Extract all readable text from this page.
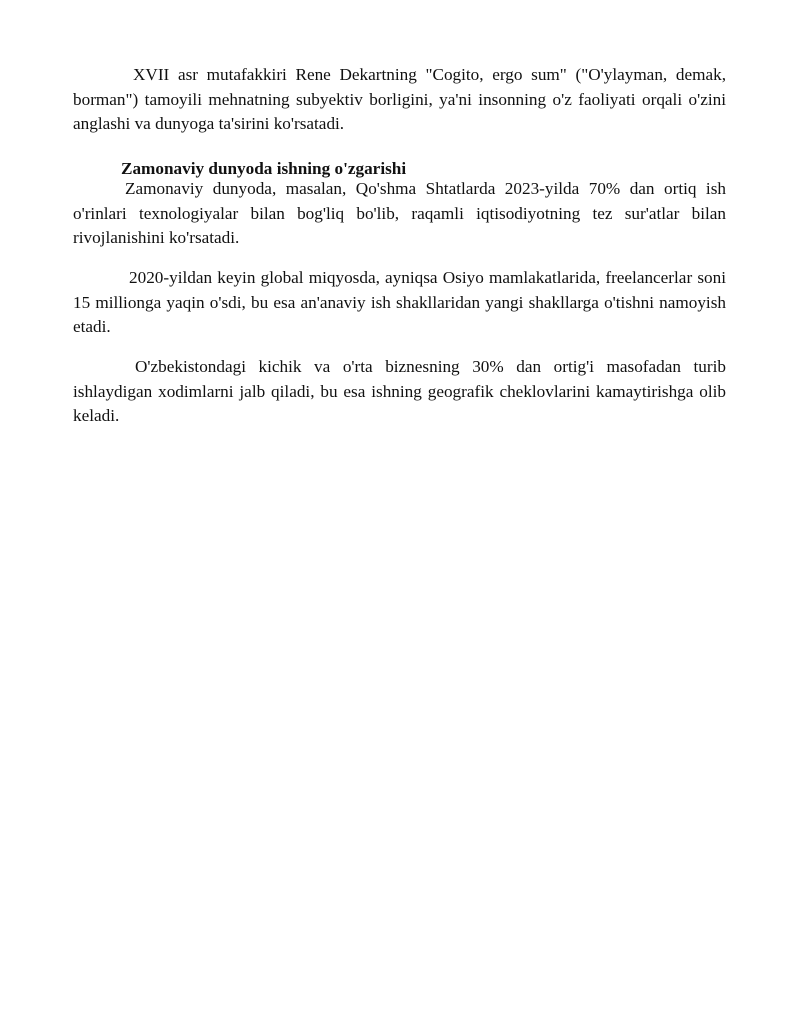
XVII asr mutafakkiri Rene Dekartning "Cogito, ergo sum" ("O'ylayman, demak, borman") tamoyili mehnatning subyektiv borligini, ya'ni insonning o'z faoliyati orqali o'zini anglashi va dunyoga ta'sirini ko'rsatadi.

Zamonaviy dunyoda ishning o'zgarishi

Zamonaviy dunyoda, masalan, Qo'shma Shtatlarda 2023-yilda 70% dan ortiq ish o'rinlari texnologiyalar bilan bog'liq bo'lib, raqamli iqtisodiyotning tez sur'atlar bilan rivojlanishini ko'rsatadi.

2020-yildan keyin global miqyosda, ayniqsa Osiyo mamlakatlarida, freelancerlar soni 15 millionga yaqin o'sdi, bu esa an'anaviy ish shakllaridan yangi shakllarga o'tishni namoyish etadi.

O'zbekistondagi kichik va o'rta biznesning 30% dan ortig'i masofadan turib ishlaydigan xodimlarni jalb qiladi, bu esa ishning geografik cheklovlarini kamaytirishga olib keladi.
